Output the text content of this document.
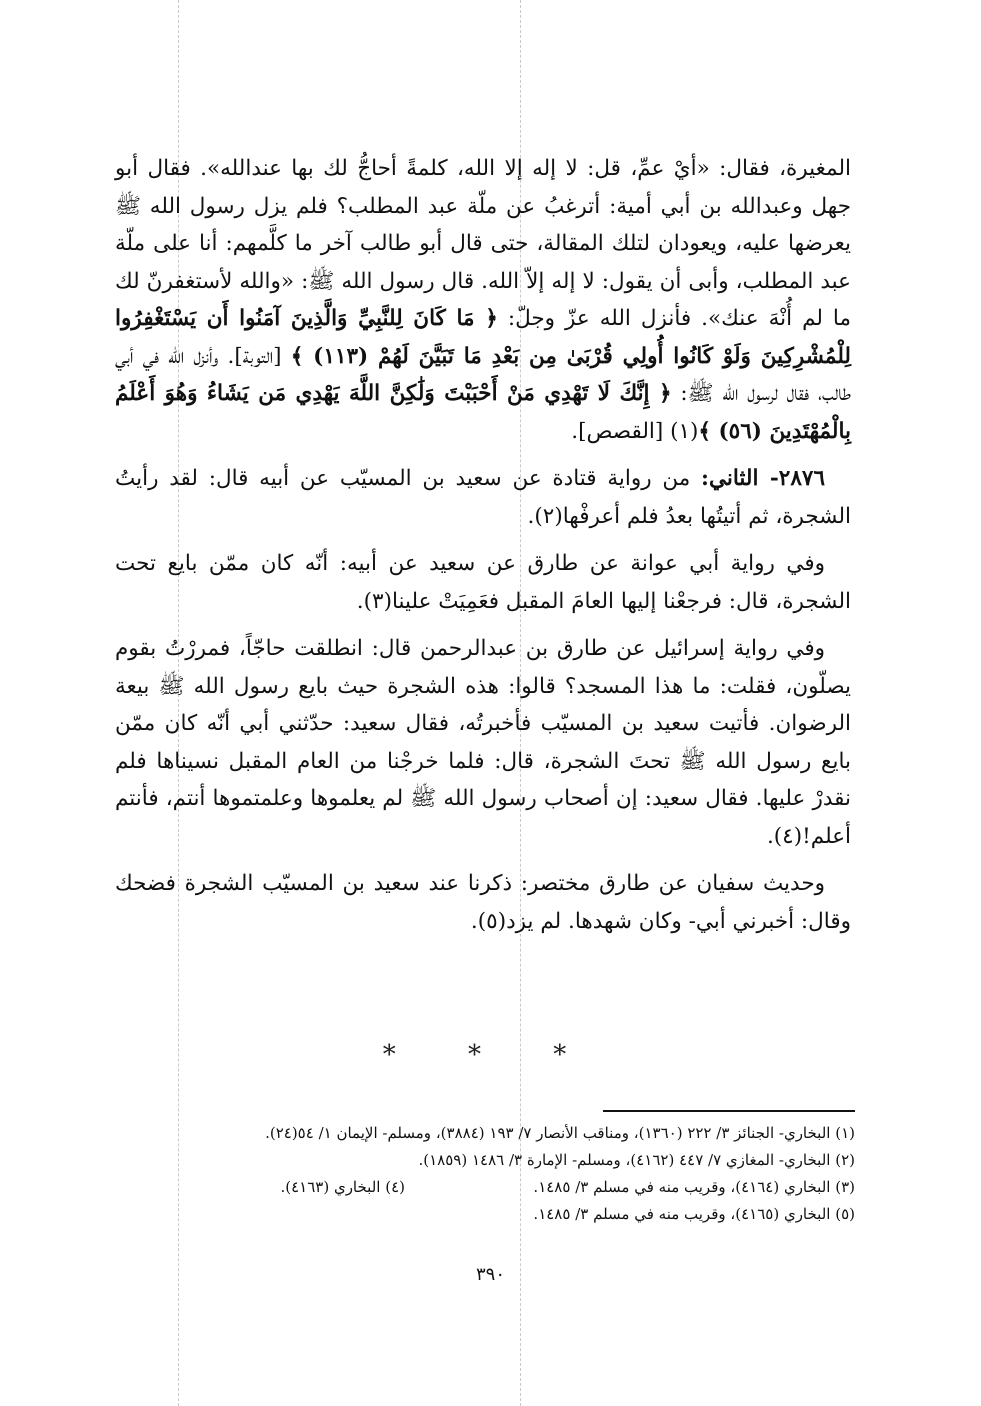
المغيرة، فقال: «أيْ عمِّ، قل: لا إله إلا الله، كلمةً أحاجُّ لك بها عندالله». فقال أبو جهل وعبدالله بن أبي أمية: أترغبُ عن ملّة عبد المطلب؟ فلم يزل رسول الله ﷺ يعرضها عليه، ويعودان لتلك المقالة، حتى قال أبو طالب آخر ما كلَّمهم: أنا على ملّة عبد المطلب، وأبى أن يقول: لا إله إلاّ الله. قال رسول الله ﷺ: «والله لأستغفرنّ لك ما لم أُنْهَ عنك». فأنزل الله عزّ وجلّ: ﴿ مَا كَانَ لِلنَّبِيِّ وَالَّذِينَ آمَنُوا أَن يَسْتَغْفِرُوا لِلْمُشْرِكِينَ وَلَوْ كَانُوا أُولِي قُرْبَىٰ مِن بَعْدِ مَا تَبَيَّنَ لَهُمْ (١١٣) ﴾ [التوبة]. وأنزل الله في أبي طالب، فقال لرسول الله ﷺ: ﴿ إِنَّكَ لَا تَهْدِي مَنْ أَحْبَبْتَ وَلَٰكِنَّ اللَّهَ يَهْدِي مَن يَشَاءُ وَهُوَ أَعْلَمُ بِالْمُهْتَدِينَ (٥٦) ﴾(١) [القصص].

٢٨٧٦- الثاني: من رواية قتادة عن سعيد بن المسيّب عن أبيه قال: لقد رأيتُ الشجرة، ثم أتيتُها بعدُ فلم أعرفْها(٢).

وفي رواية أبي عوانة عن طارق عن سعيد عن أبيه: أنّه كان ممّن بايع تحت الشجرة، قال: فرجعْنا إليها العامَ المقبل فعَمِيَتْ علينا(٣).

وفي رواية إسرائيل عن طارق بن عبدالرحمن قال: انطلقت حاجّاً، فمررْتُ بقوم يصلّون، فقلت: ما هذا المسجد؟ قالوا: هذه الشجرة حيث بايع رسول الله ﷺ بيعة الرضوان. فأتيت سعيد بن المسيّب فأخبرتُه، فقال سعيد: حدّثني أبي أنّه كان ممّن بايع رسول الله ﷺ تحتَ الشجرة، قال: فلما خرجْنا من العام المقبل نسيناها فلم نقدرْ عليها. فقال سعيد: إن أصحاب رسول الله ﷺ لم يعلموها وعلمتموها أنتم، فأنتم أعلم!(٤).

وحديث سفيان عن طارق مختصر: ذكرنا عند سعيد بن المسيّب الشجرة فضحك وقال: أخبرني أبي- وكان شهدها. لم يزد(٥).

* * *
(١) البخاري- الجنائز ٣/ ٢٢٢ (١٣٦٠)، ومناقب الأنصار ٧/ ١٩٣ (٣٨٨٤)، ومسلم- الإيمان ١/ ٥٤(٢٤).
(٢) البخاري- المغازي ٧/ ٤٤٧ (٤١٦٢)، ومسلم- الإمارة ٣/ ١٤٨٦ (١٨٥٩).
(٣) البخاري (٤١٦٤)، وقريب منه في مسلم ٣/ ١٤٨٥.
(٤) البخاري (٤١٦٣).
(٥) البخاري (٤١٦٥)، وقريب منه في مسلم ٣/ ١٤٨٥.
٣٩٠
